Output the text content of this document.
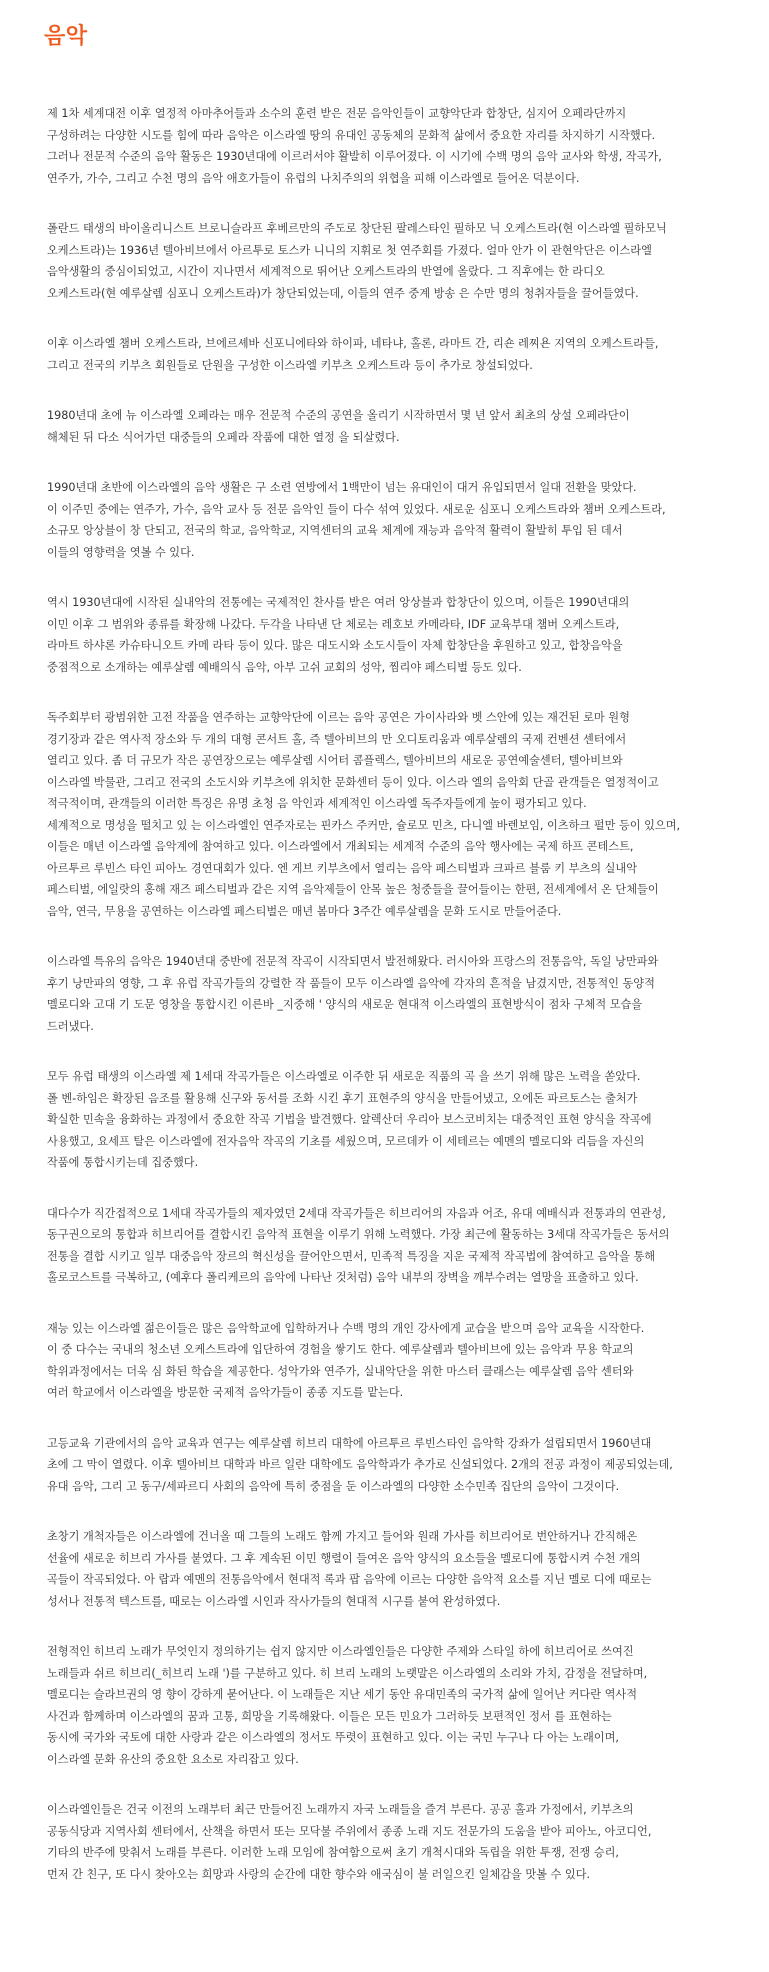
음악

제 1차 세계대전 이후 열정적 아마추어들과 소수의 훈련 받은 전문 음악인들이 교향악단과 합창단, 심지어 오페라단까지
구성하려는 다양한 시도를 힘에 따라 음악은 이스라엘 땅의 유대인 공동체의 문화적 삶에서 중요한 자리를 차지하기 시작했다.
그러나 전문적 수준의 음악 활동은 1930년대에 이르러서야 활발히 이루어졌다. 이 시기에 수백 명의 음악 교사와 학생, 작곡가,
연주가, 가수, 그리고 수천 명의 음악 애호가들이 유럽의 나치주의의 위협을 피해 이스라엘로 들어온 덕분이다.

폴란드 태생의 바이올리니스트 브로니슬라프 후베르만의 주도로 창단된 팔레스타인 필하모 닉 오케스트라(현 이스라엘 필하모닉
오케스트라)는 1936년 텔아비브에서 아르투로 토스카 니니의 지휘로 첫 연주회를 가졌다. 얼마 안가 이 관현악단은 이스라엘
음악생활의 중심이되었고, 시간이 지나면서 세계적으로 뛰어난 오케스트라의 반열에 올랐다. 그 직후에는 한 라디오
오케스트라(현 예루살렘 심포니 오케스트라)가 창단되었는데, 이들의 연주 중계 방송 은 수만 명의 청취자들을 끌어들였다.

이후 이스라엘 챔버 오케스트라, 브에르셰바 신포니에타와 하이파, 네타냐, 홀론, 라마트 간, 리숀 레찌욘 지역의 오케스트라들,
그리고 전국의 키부츠 회원들로 단원을 구성한 이스라엘 키부츠 오케스트라 등이 추가로 창설되었다.

1980년대 초에 뉴 이스라엘 오페라는 매우 전문적 수준의 공연을 올리기 시작하면서 몇 년 앞서 최초의 상설 오페라단이
해체된 뒤 다소 식어가던 대중들의 오페라 작품에 대한 열정 을 되살렸다.

1990년대 초반에 이스라엘의 음악 생활은 구 소련 연방에서 1백만이 넘는 유대인이 대거 유입되면서 일대 전환을 맞았다.
이 이주민 중에는 연주가, 가수, 음악 교사 등 전문 음악인 들이 다수 섞여 있었다. 새로운 심포니 오케스트라와 챔버 오케스트라,
소규모 앙상블이 창 단되고, 전국의 학교, 음악학교, 지역센터의 교육 체계에 재능과 음악적 활력이 활발히 투입 된 데서
이들의 영향력을 엿볼 수 있다.

역시 1930년대에 시작된 실내악의 전통에는 국제적인 찬사를 받은 여러 앙상블과 합창단이 있으며, 이들은 1990년대의
이민 이후 그 범위와 종류를 확장해 나갔다. 두각을 나타낸 단 체로는 레호보 카메라타, IDF 교육부대 챔버 오케스트라,
라마트 하샤론 카슈타니오트 카메 라타 등이 있다. 많은 대도시와 소도시들이 자체 합창단을 후원하고 있고, 합창음악을
중점적으로 소개하는 예루살렘 예배의식 음악, 아부 고쉬 교회의 성악, 찜리야 페스티벌 등도 있다.

독주회부터 광범위한 고전 작품을 연주하는 교향악단에 이르는 음악 공연은 가이사라와 벳 스안에 있는 재건된 로마 원형
경기장과 같은 역사적 장소와 두 개의 대형 콘서트 홀, 즉 텔아비브의 만 오디토리움과 예루살렘의 국제 컨벤션 센터에서
열리고 있다. 좀 더 규모가 작은 공연장으로는 예루살렘 시어터 콤플렉스, 텔아비브의 새로운 공연예술센터, 텔아비브와
이스라엘 박물관, 그리고 전국의 소도시와 키부츠에 위치한 문화센터 등이 있다. 이스라 엘의 음악회 단골 관객들은 열정적이고
적극적이며, 관객들의 이러한 특징은 유명 초청 음 악인과 세계적인 이스라엘 독주자들에게 높이 평가되고 있다.
세계적으로 명성을 떨치고 있 는 이스라엘인 연주자로는 핀카스 주커만, 슐로모 민츠, 다니엘 바렌보임, 이츠하크 펄만 등이 있으며,
이들은 매년 이스라엘 음악계에 참여하고 있다. 이스라엘에서 개최되는 세계적 수준의 음악 행사에는 국제 하프 콘테스트,
아르투르 루빈스 타인 피아노 경연대회가 있다. 엔 게브 키부츠에서 열리는 음악 페스티벌과 크파르 블룸 키 부츠의 실내악
페스티벌, 에일랏의 홍해 재즈 페스티벌과 같은 지역 음악제들이 안목 높은 청중들을 끌어들이는 한편, 전세계에서 온 단체들이
음악, 연극, 무용을 공연하는 이스라엘 페스티벌은 매년 봄마다 3주간 예루살렘을 문화 도시로 만들어준다.

이스라엘 특유의 음악은 1940년대 중반에 전문적 작곡이 시작되면서 발전해왔다. 러시아와 프랑스의 전통음악, 독일 낭만파와
후기 낭만파의 영향, 그 후 유럽 작곡가들의 강렬한 작 품들이 모두 이스라엘 음악에 각자의 흔적을 남겼지만, 전통적인 동양적
멜로디와 고대 기 도문 영창을 통합시킨 이른바 _지중해 ' 양식의 새로운 현대적 이스라엘의 표현방식이 점차 구체적 모습을
드러냈다.

모두 유럽 태생의 이스라엘 제 1세대 작곡가들은 이스라엘로 이주한 뒤 새로운 직품의 곡 을 쓰기 위해 많은 노력을 쏟았다.
폴 벤-하임은 확장된 음조를 활용해 신구와 동서를 조화 시킨 후기 표현주의 양식을 만들어냈고, 오에돈 파르토스는 출처가
확실한 민속을 융화하는 과정에서 중요한 작곡 기법을 발견했다. 알렉산더 우리아 보스코비치는 대중적인 표현 양식을 작곡에
사용했고, 요세프 탈은 이스라엘에 전자음악 작곡의 기초를 세웠으며, 모르데카 이 세테르는 예멘의 멜로디와 리듬을 자신의
작품에 통합시키는데 집중했다.

대다수가 직간접적으로 1세대 작곡가들의 제자였던 2세대 작곡가들은 히브리어의 자음과 어조, 유대 예배식과 전통과의 연관성,
동구권으로의 통합과 히브리어를 결합시킨 음악적 표현을 이루기 위해 노력했다. 가장 최근에 활동하는 3세대 작곡가들은 동서의
전통을 결합 시키고 일부 대중음악 장르의 혁신성을 끌어안으면서, 민족적 특징을 지운 국제적 작곡법에 참여하고 음악을 통해
홀로코스트를 극복하고, (예후다 폴리케르의 음악에 나타난 것처럼) 음악 내부의 장벽을 깨부수려는 열망을 표출하고 있다.

재능 있는 이스라엘 젊은이들은 많은 음악학교에 입학하거나 수백 명의 개인 강사에게 교습을 받으며 음악 교육을 시작한다.
이 중 다수는 국내의 청소년 오케스트라에 입단하여 경험을 쌓기도 한다. 예루살렘과 텔아비브에 있는 음악과 무용 학교의
학위과정에서는 더욱 심 화된 학습을 제공한다. 성악가와 연주가, 실내악단을 위한 마스터 클래스는 예루살렘 음악 센터와
여러 학교에서 이스라엘을 방문한 국제적 음악가들이 종종 지도를 맡는다.

고등교육 기관에서의 음악 교육과 연구는 예루살렘 히브리 대학에 아르투르 루빈스타인 음악학 강좌가 설립되면서 1960년대
초에 그 막이 열렸다. 이후 텔아비브 대학과 바르 일란 대학에도 음악학과가 추가로 신설되었다. 2개의 전공 과정이 제공되었는데,
유대 음악, 그리 고 동구/세파르디 사회의 음악에 특히 중점을 둔 이스라엘의 다양한 소수민족 집단의 음악이 그것이다.

초창기 개척자들은 이스라엘에 건너올 때 그들의 노래도 함께 가지고 들어와 원래 가사를 히브리어로 번안하거나 간직해온
선율에 새로운 히브리 가사를 붙였다. 그 후 계속된 이민 행렬이 들여온 음악 양식의 요소들을 멜로디에 통합시켜 수천 개의
곡들이 작곡되었다. 아 랍과 예멘의 전통음악에서 현대적 록과 팝 음악에 이르는 다양한 음악적 요소를 지닌 멜로 디에 때로는
성서나 전통적 텍스트를, 때로는 이스라엘 시인과 작사가들의 현대적 시구를 붙여 완성하였다.

전형적인 히브리 노래가 무엇인지 정의하기는 쉽지 않지만 이스라엘인들은 다양한 주제와 스타일 하에 히브리어로 쓰여진
노래들과 쉬르 히브리(_히브리 노래 ')를 구분하고 있다. 히 브리 노래의 노랫말은 이스라엘의 소리와 가치, 감정을 전달하며,
멜로디는 슬라브권의 영 향이 강하게 묻어난다. 이 노래들은 지난 세기 동안 유대민족의 국가적 삶에 일어난 커다란 역사적
사건과 함께하며 이스라엘의 꿈과 고통, 희망을 기록해왔다. 이들은 모든 민요가 그러하듯 보편적인 정서 를 표현하는
동시에 국가와 국토에 대한 사랑과 같은 이스라엘의 정서도 뚜렷이 표현하고 있다. 이는 국민 누구나 다 아는 노래이며,
이스라엘 문화 유산의 중요한 요소로 자리잡고 있다.

이스라엘인들은 건국 이전의 노래부터 최근 만들어진 노래까지 자국 노래들을 즐겨 부른다. 공공 홀과 가정에서, 키부츠의
공동식당과 지역사회 센터에서, 산책을 하면서 또는 모닥불 주위에서 종종 노래 지도 전문가의 도움을 받아 피아노, 아코디언,
기타의 반주에 맞춰서 노래를 부른다. 이러한 노래 모임에 참여함으로써 초기 개척시대와 독립을 위한 투쟁, 전쟁 승리,
먼저 간 친구, 또 다시 찾아오는 희망과 사랑의 순간에 대한 향수와 애국심이 불 러일으킨 일체감을 맛볼 수 있다.
